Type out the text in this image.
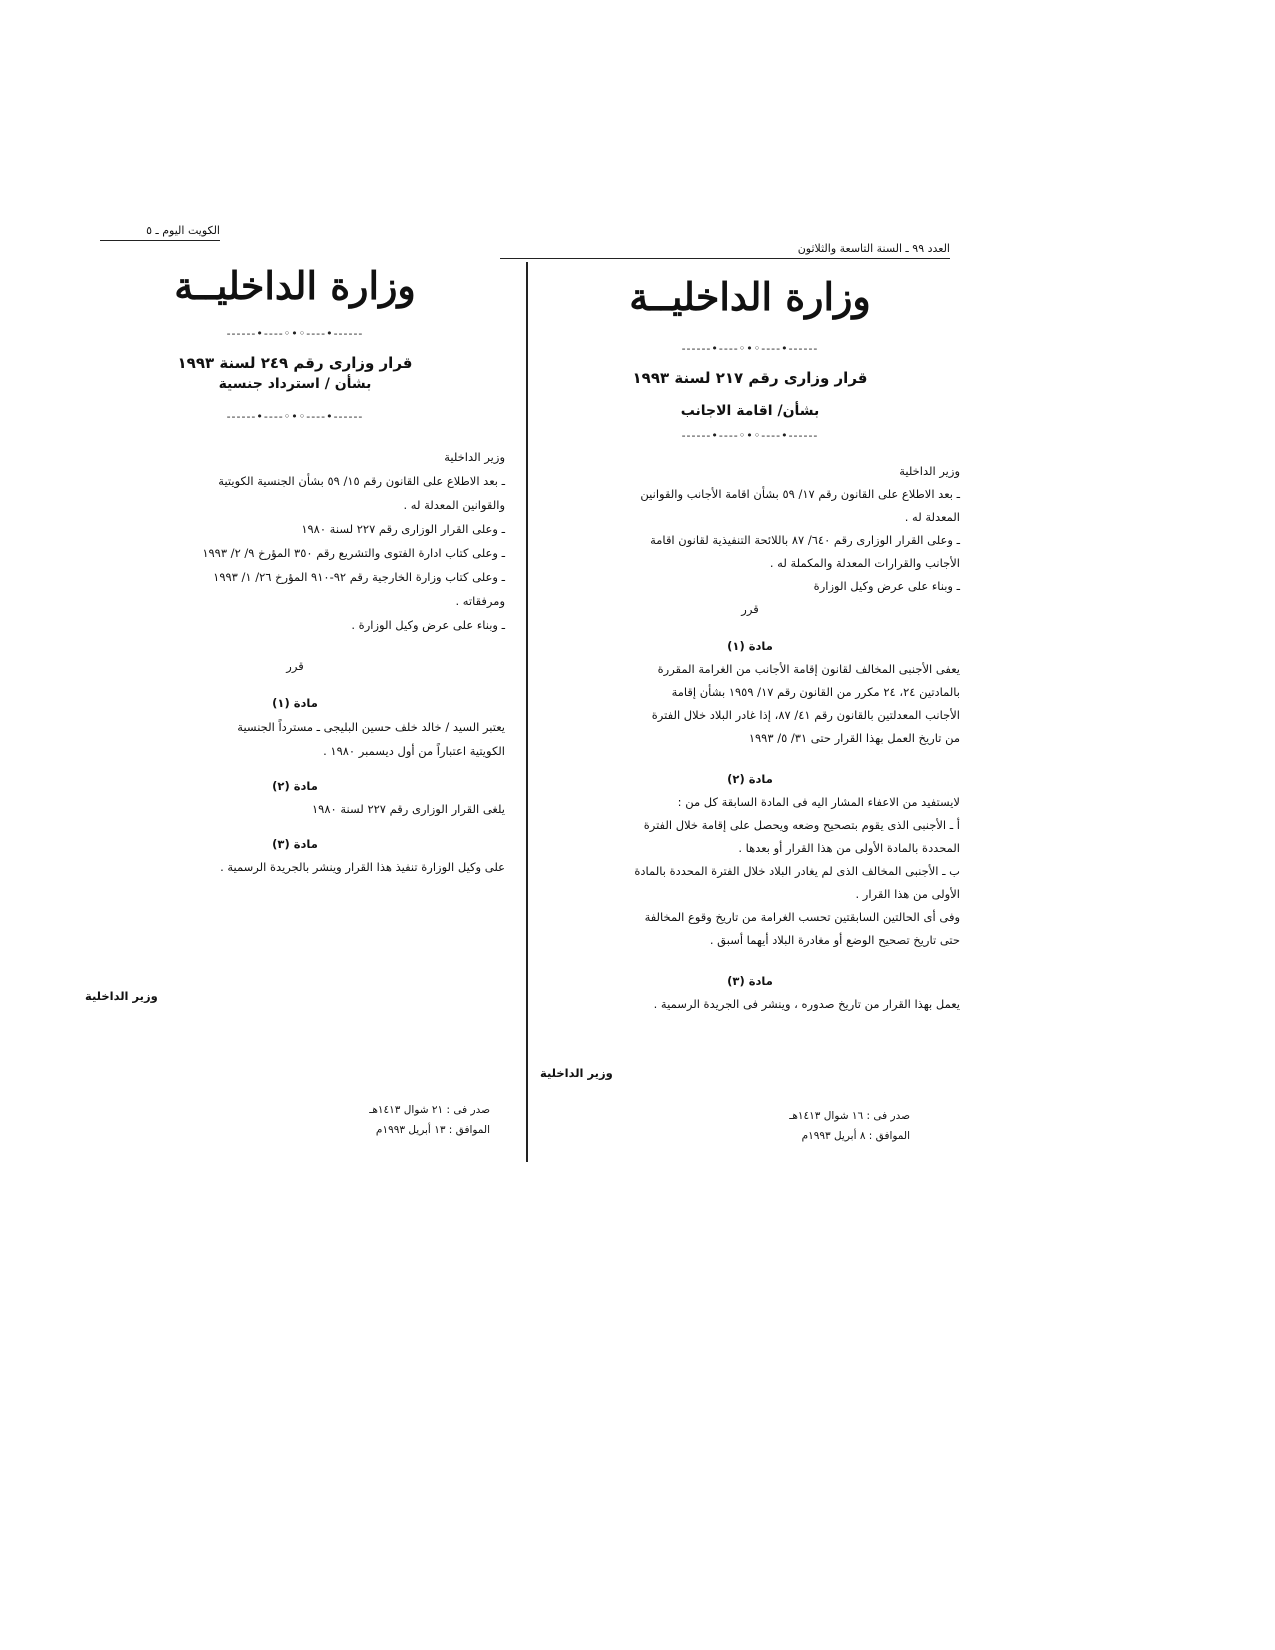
العدد ٩٩ ـ السنة التاسعة والثلاثون
الكويت اليوم ـ ٥
وزارة الداخليــة
------•----◦•◦----•------
قرار وزارى رقم ٢١٧ لسنة ١٩٩٣
بشأن/ اقامة الاجانب
------•----◦•◦----•------
وزير الداخلية
ـ بعد الاطلاع على القانون رقم ١٧/ ٥٩ بشأن اقامة الأجانب والقوانين
المعدلة له .
ـ وعلى القرار الوزارى رقم ٦٤٠/ ٨٧ باللائحة التنفيذية لقانون اقامة
الأجانب والقرارات المعدلة والمكملة له .
ـ وبناء على عرض وكيل الوزارة
قرر
مادة (١)
يعفى الأجنبى المخالف لقانون إقامة الأجانب من الغرامة المقررة
بالمادتين ٢٤، ٢٤ مكرر من القانون رقم ١٧/ ١٩٥٩ بشأن إقامة
الأجانب المعدلتين بالقانون رقم ٤١/ ٨٧، إذا غادر البلاد خلال الفترة
من تاريخ العمل بهذا القرار حتى ٣١/ ٥/ ١٩٩٣
مادة (٢)
لايستفيد من الاعفاء المشار اليه فى المادة السابقة كل من :
أ ـ الأجنبى الذى يقوم بتصحيح وضعه ويحصل على إقامة خلال الفترة
المحددة بالمادة الأولى من هذا القرار أو بعدها .
ب ـ الأجنبى المخالف الذى لم يغادر البلاد خلال الفترة المحددة بالمادة
الأولى من هذا القرار .
وفى أى الحالتين السابقتين تحسب الغرامة من تاريخ وقوع المخالفة
حتى تاريخ تصحيح الوضع أو مغادرة البلاد أيهما أسبق .
مادة (٣)
يعمل بهذا القرار من تاريخ صدوره ، وينشر فى الجريدة الرسمية .
وزير الداخلية
صدر فى : ١٦ شوال ١٤١٣هـ
الموافق : ٨ أبريل ١٩٩٣م
وزارة الداخليــة
------•----◦•◦----•------
قرار وزارى رقم ٢٤٩ لسنة ١٩٩٣
بشأن / استرداد جنسية
------•----◦•◦----•------
وزير الداخلية
ـ بعد الاطلاع على القانون رقم ١٥/ ٥٩ بشأن الجنسية الكويتية
والقوانين المعدلة له .
ـ وعلى القرار الوزارى رقم ٢٢٧ لسنة ١٩٨٠
ـ وعلى كتاب ادارة الفتوى والتشريع رقم ٣٥٠ المؤرخ ٩/ ٢/ ١٩٩٣
ـ وعلى كتاب وزارة الخارجية رقم ٩٢-٩١٠ المؤرخ ٢٦/ ١/ ١٩٩٣
ومرفقاته .
ـ وبناء على عرض وكيل الوزارة .
قرر
مادة (١)
يعتبر السيد / خالد خلف حسين البليجى ـ مسترداً الجنسية
الكويتية اعتباراً من أول ديسمبر ١٩٨٠ .
مادة (٢)
يلغى القرار الوزارى رقم ٢٢٧ لسنة ١٩٨٠
مادة (٣)
على وكيل الوزارة تنفيذ هذا القرار وينشر بالجريدة الرسمية .
وزير الداخلية
صدر فى : ٢١ شوال ١٤١٣هـ
الموافق : ١٣ أبريل ١٩٩٣م
